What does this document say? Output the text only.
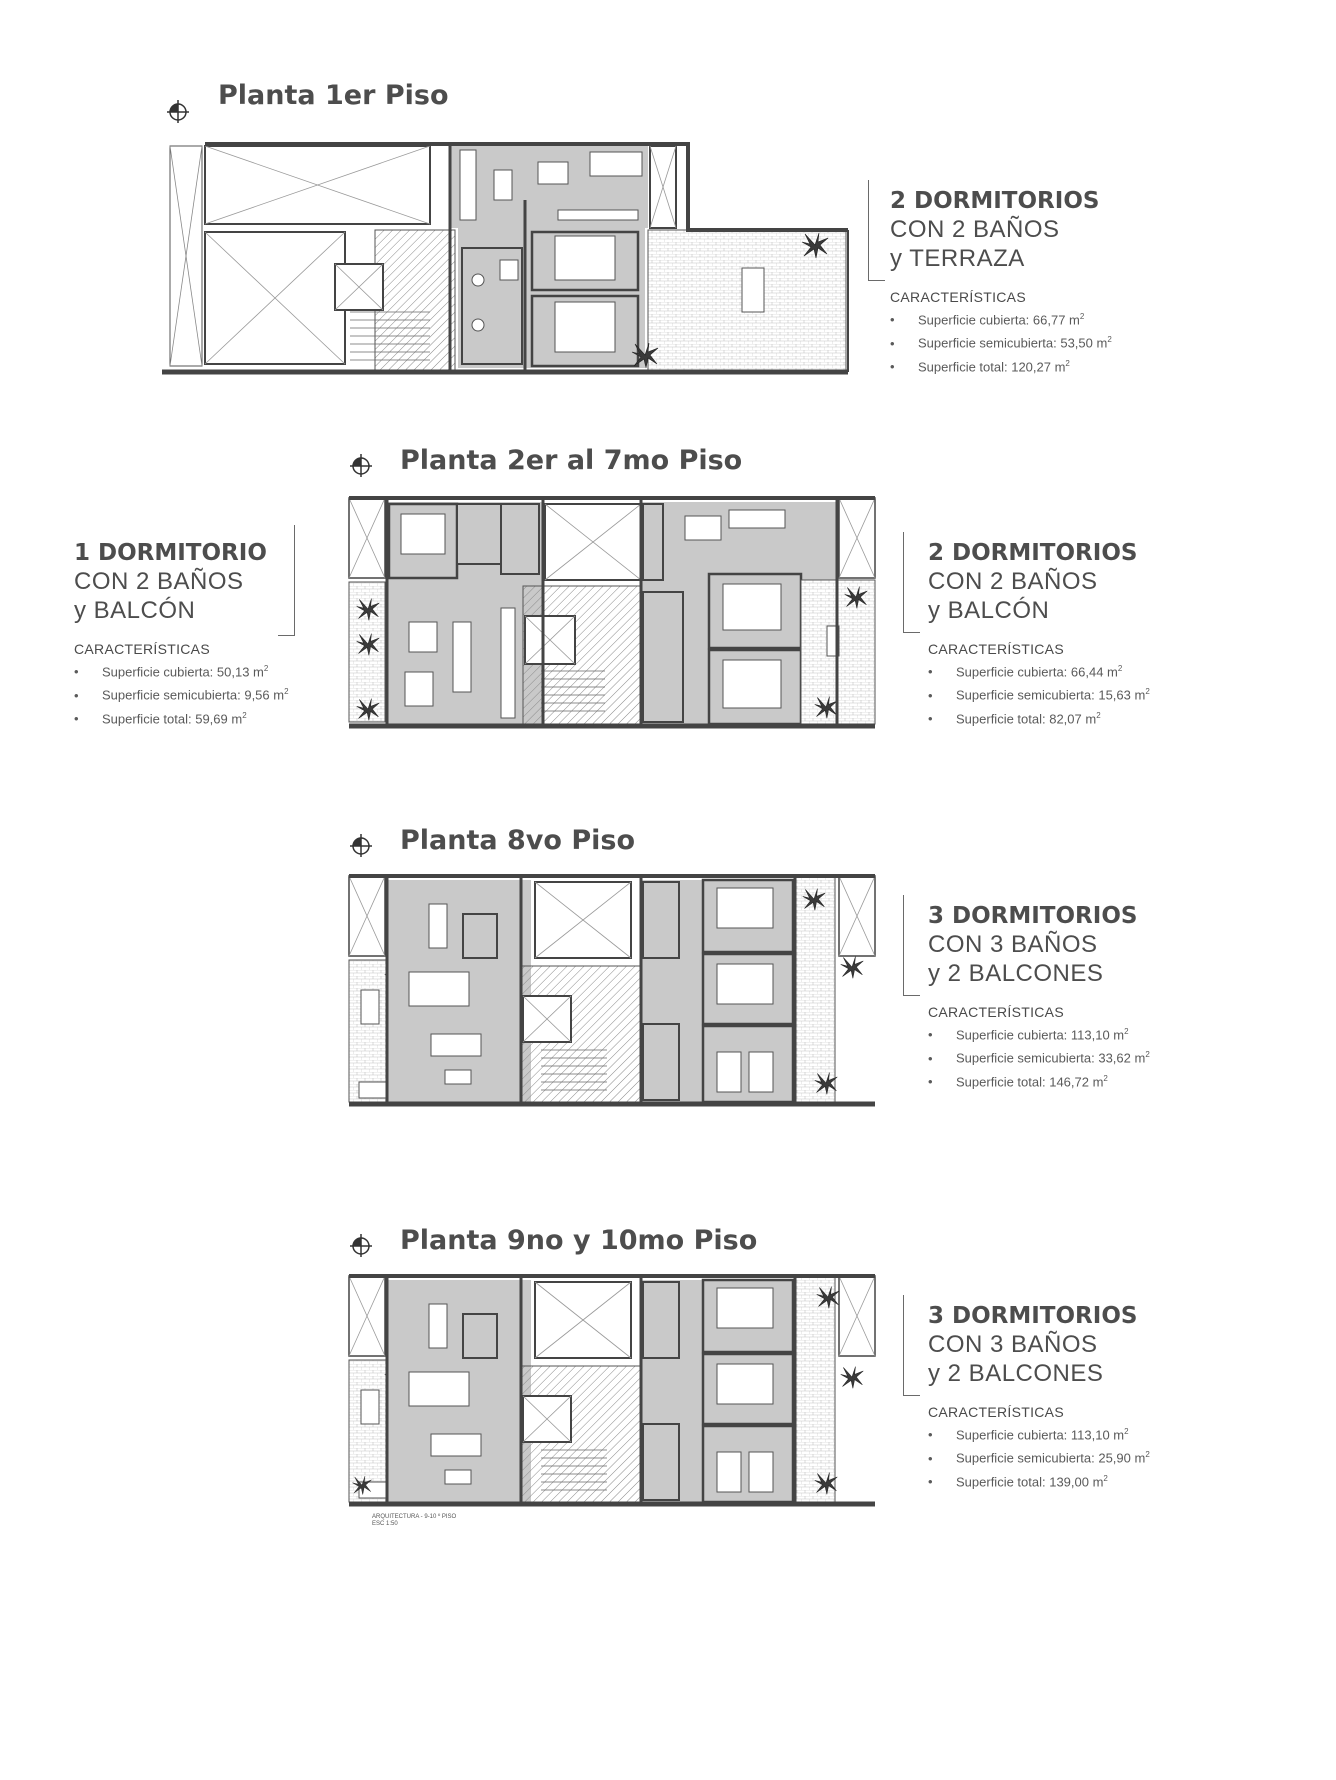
Planta 1er Piso
2 DORMITORIOS
CON 2 BAÑOS
y TERRAZA
CARACTERÍSTICAS
• Superficie cubierta: 66,77 $m^2$
• Superficie semicubierta: 53,50 $m^2$
• Superficie total: 120,27 $m^2$
Planta 2er al 7mo Piso
1 DORMITORIO
CON 2 BAÑOS
y BALCÓN
CARACTERÍSTICAS
• Superficie cubierta: 50,13 $m^2$
• Superficie semicubierta: 9,56 $m^2$
• Superficie total: 59,69 $m^2$
2 DORMITORIOS
CON 2 BAÑOS
y BALCÓN
CARACTERÍSTICAS
• Superficie cubierta: 66,44 $m^2$
• Superficie semicubierta: 15,63 $m^2$
• Superficie total: 82,07 $m^2$
Planta 8vo Piso
3 DORMITORIOS
CON 3 BAÑOS
y 2 BALCONES
CARACTERÍSTICAS
• Superficie cubierta: 113,10 $m^2$
• Superficie semicubierta: 33,62 $m^2$
• Superficie total: 146,72 $m^2$
Planta 9no y 10mo Piso
ARQUITECTURA - 9-10 º PISO
ESC 1:50
3 DORMITORIOS
CON 3 BAÑOS
y 2 BALCONES
CARACTERÍSTICAS
• Superficie cubierta: 113,10 $m^2$
• Superficie semicubierta: 25,90 $m^2$
• Superficie total: 139,00 $m^2$
